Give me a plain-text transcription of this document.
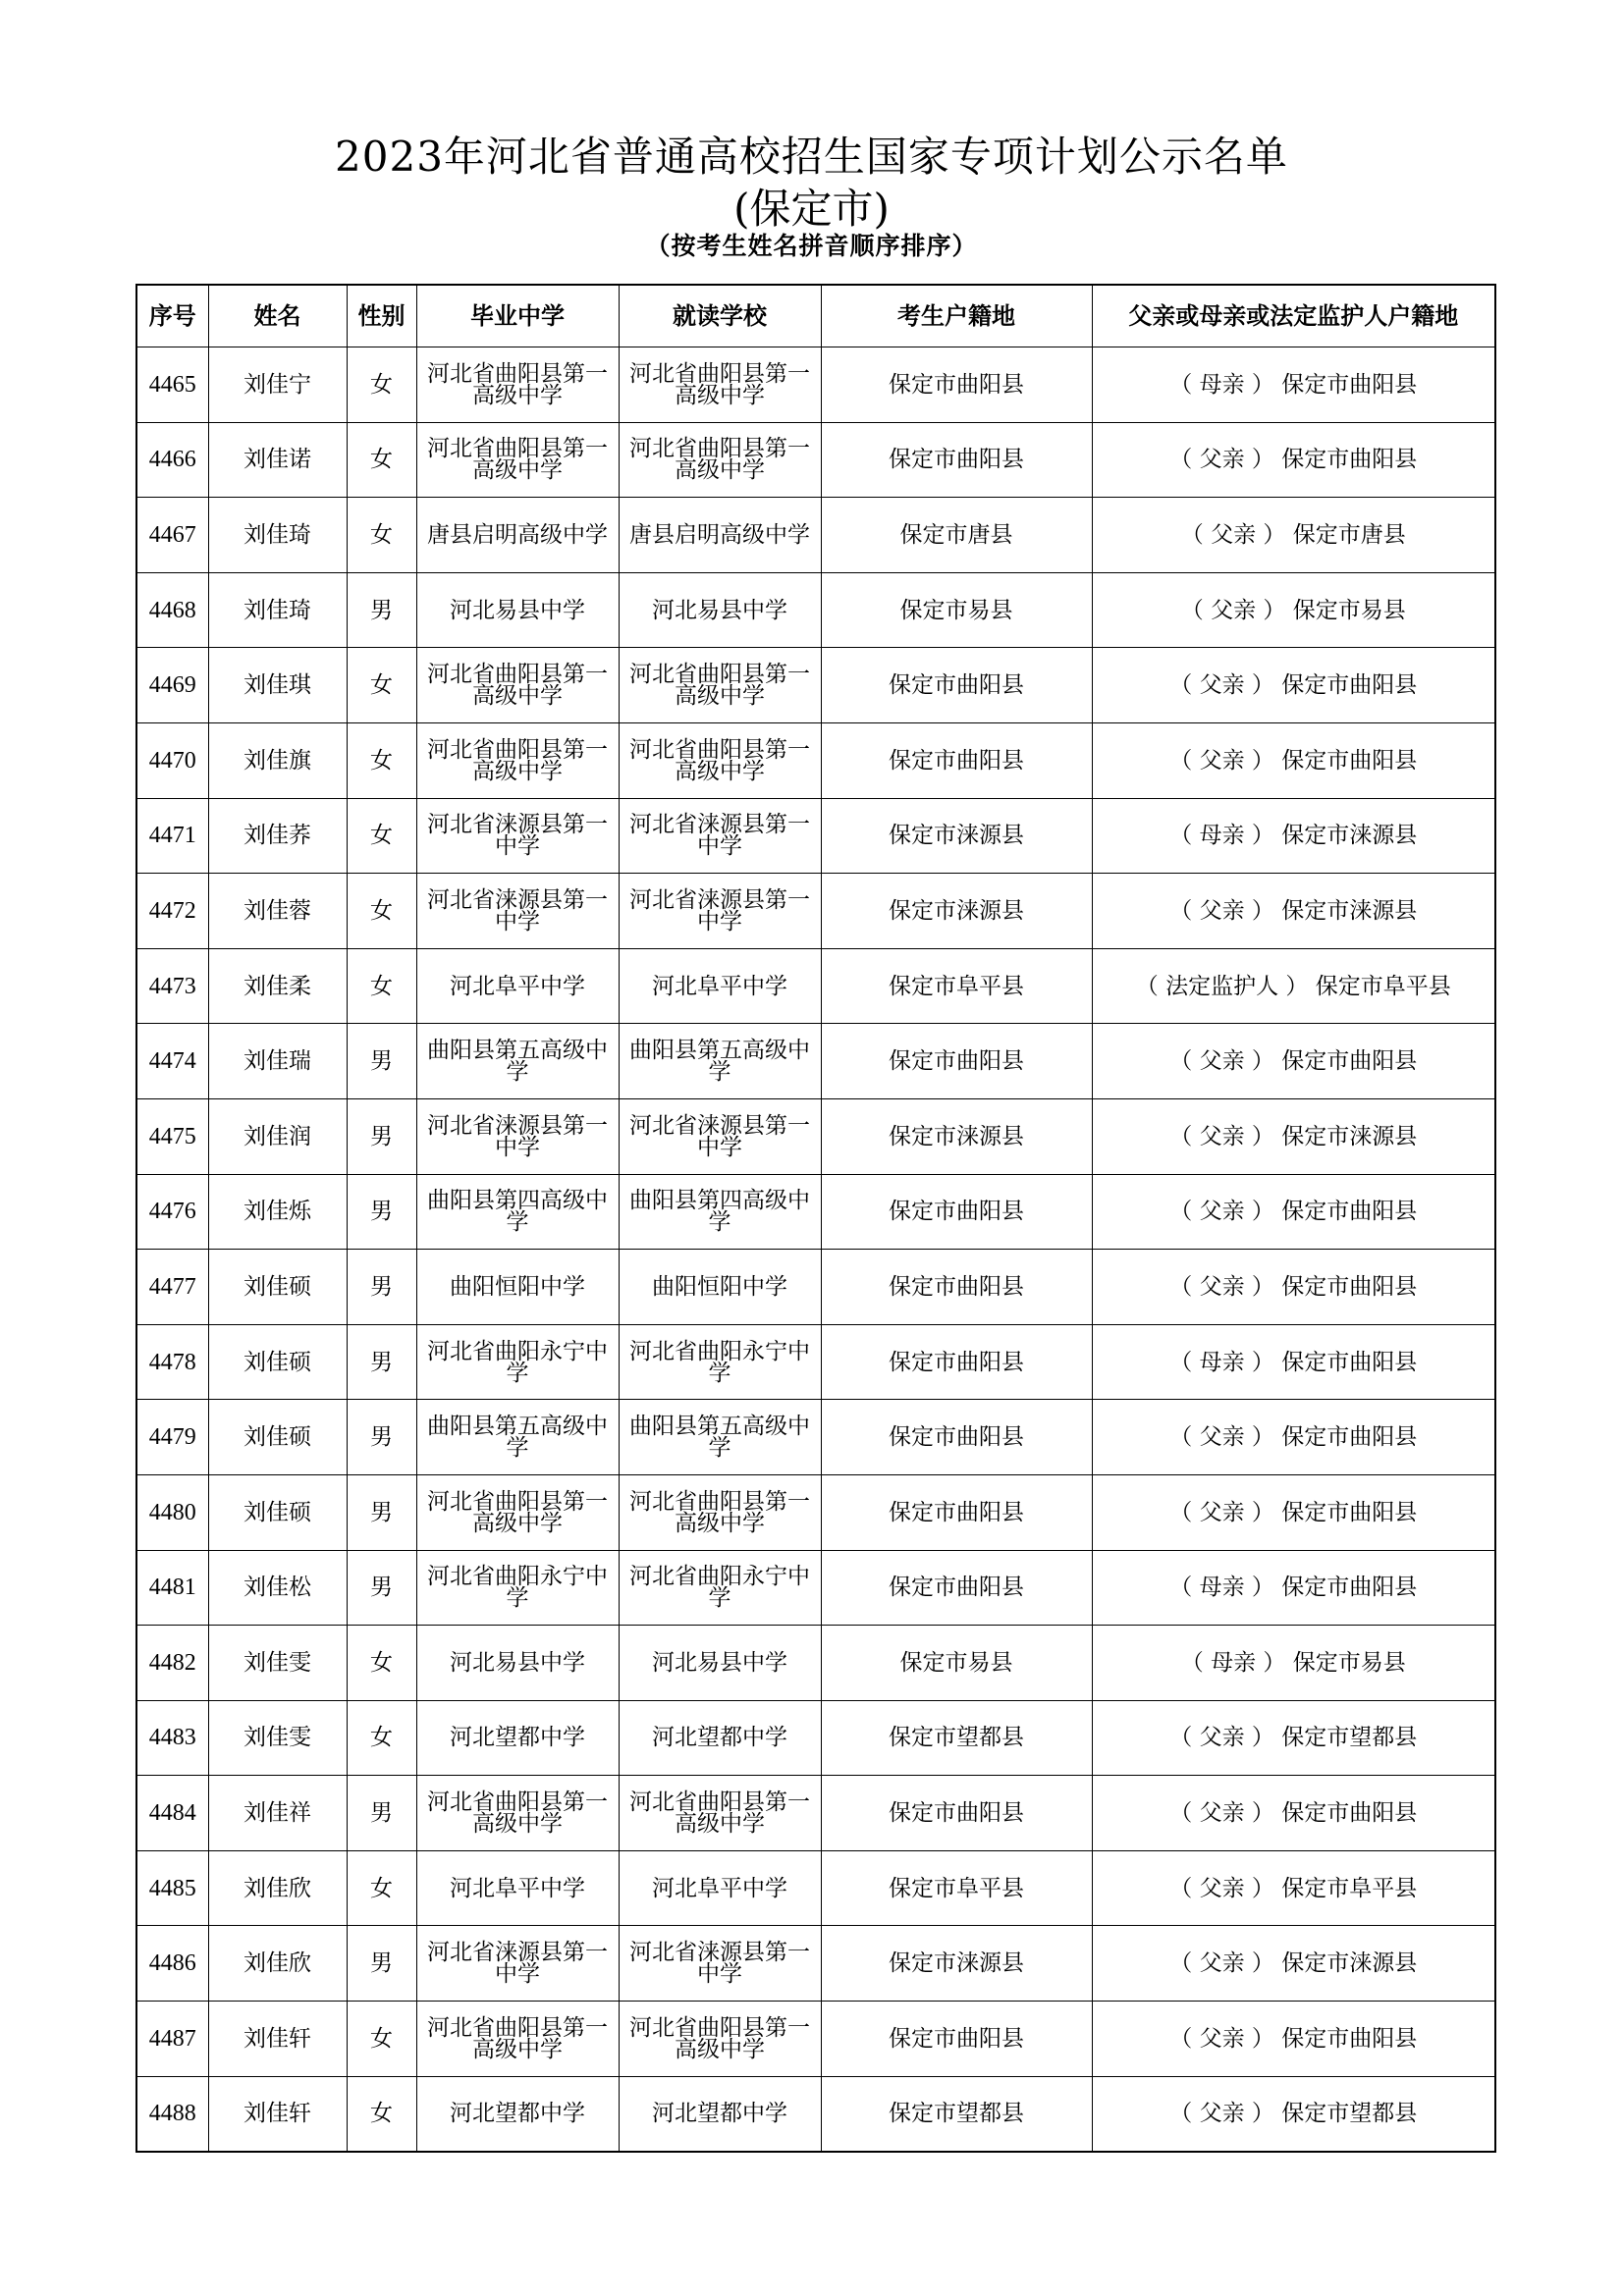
2023年河北省普通高校招生国家专项计划公示名单
(保定市)
（按考生姓名拼音顺序排序）
序号	姓名	性别	毕业中学	就读学校	考生户籍地	父亲或母亲或法定监护人户籍地
4465	刘佳宁	女	河北省曲阳县第一高级中学	河北省曲阳县第一高级中学	保定市曲阳县	（ 母亲 ） 保定市曲阳县
4466	刘佳诺	女	河北省曲阳县第一高级中学	河北省曲阳县第一高级中学	保定市曲阳县	（ 父亲 ） 保定市曲阳县
4467	刘佳琦	女	唐县启明高级中学	唐县启明高级中学	保定市唐县	（ 父亲 ） 保定市唐县
4468	刘佳琦	男	河北易县中学	河北易县中学	保定市易县	（ 父亲 ） 保定市易县
4469	刘佳琪	女	河北省曲阳县第一高级中学	河北省曲阳县第一高级中学	保定市曲阳县	（ 父亲 ） 保定市曲阳县
4470	刘佳旗	女	河北省曲阳县第一高级中学	河北省曲阳县第一高级中学	保定市曲阳县	（ 父亲 ） 保定市曲阳县
4471	刘佳荞	女	河北省涞源县第一中学	河北省涞源县第一中学	保定市涞源县	（ 母亲 ） 保定市涞源县
4472	刘佳蓉	女	河北省涞源县第一中学	河北省涞源县第一中学	保定市涞源县	（ 父亲 ） 保定市涞源县
4473	刘佳柔	女	河北阜平中学	河北阜平中学	保定市阜平县	（ 法定监护人 ） 保定市阜平县
4474	刘佳瑞	男	曲阳县第五高级中学	曲阳县第五高级中学	保定市曲阳县	（ 父亲 ） 保定市曲阳县
4475	刘佳润	男	河北省涞源县第一中学	河北省涞源县第一中学	保定市涞源县	（ 父亲 ） 保定市涞源县
4476	刘佳烁	男	曲阳县第四高级中学	曲阳县第四高级中学	保定市曲阳县	（ 父亲 ） 保定市曲阳县
4477	刘佳硕	男	曲阳恒阳中学	曲阳恒阳中学	保定市曲阳县	（ 父亲 ） 保定市曲阳县
4478	刘佳硕	男	河北省曲阳永宁中学	河北省曲阳永宁中学	保定市曲阳县	（ 母亲 ） 保定市曲阳县
4479	刘佳硕	男	曲阳县第五高级中学	曲阳县第五高级中学	保定市曲阳县	（ 父亲 ） 保定市曲阳县
4480	刘佳硕	男	河北省曲阳县第一高级中学	河北省曲阳县第一高级中学	保定市曲阳县	（ 父亲 ） 保定市曲阳县
4481	刘佳松	男	河北省曲阳永宁中学	河北省曲阳永宁中学	保定市曲阳县	（ 母亲 ） 保定市曲阳县
4482	刘佳雯	女	河北易县中学	河北易县中学	保定市易县	（ 母亲 ） 保定市易县
4483	刘佳雯	女	河北望都中学	河北望都中学	保定市望都县	（ 父亲 ） 保定市望都县
4484	刘佳祥	男	河北省曲阳县第一高级中学	河北省曲阳县第一高级中学	保定市曲阳县	（ 父亲 ） 保定市曲阳县
4485	刘佳欣	女	河北阜平中学	河北阜平中学	保定市阜平县	（ 父亲 ） 保定市阜平县
4486	刘佳欣	男	河北省涞源县第一中学	河北省涞源县第一中学	保定市涞源县	（ 父亲 ） 保定市涞源县
4487	刘佳轩	女	河北省曲阳县第一高级中学	河北省曲阳县第一高级中学	保定市曲阳县	（ 父亲 ） 保定市曲阳县
4488	刘佳轩	女	河北望都中学	河北望都中学	保定市望都县	（ 父亲 ） 保定市望都县
